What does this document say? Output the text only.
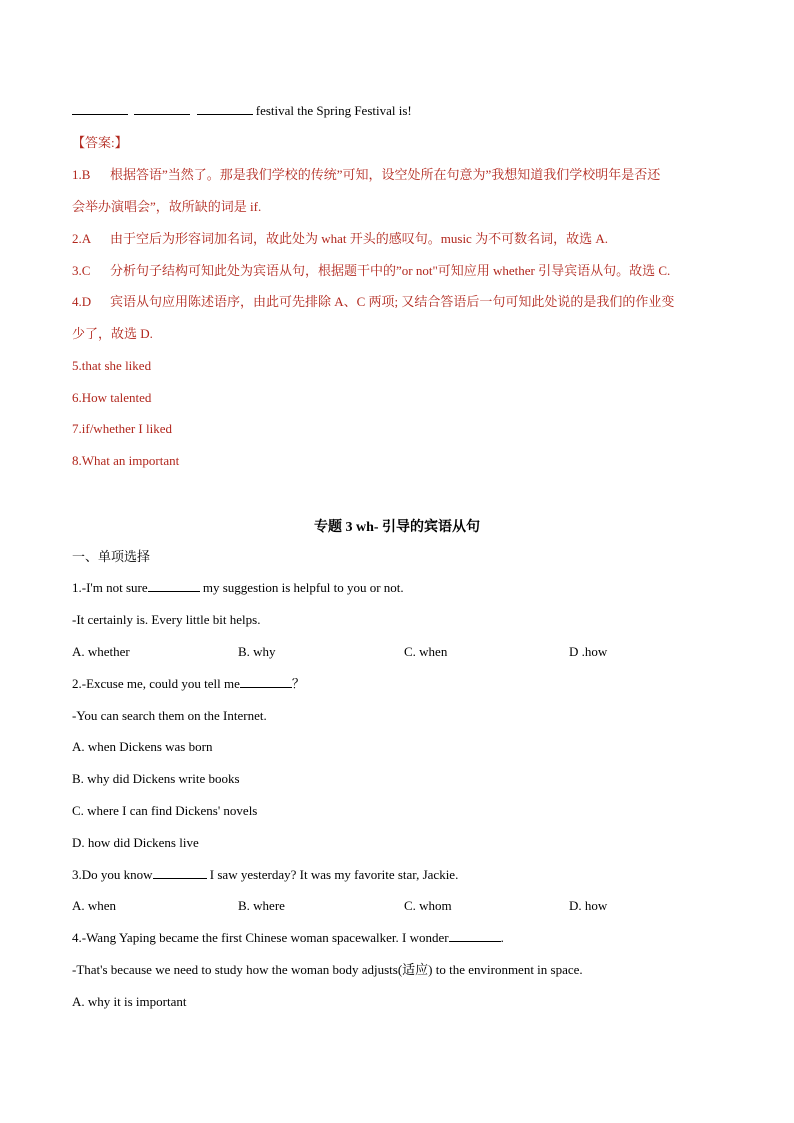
festival the Spring Festival is!
【答案:】
1.B 根据答语”当然了。那是我们学校的传统”可知，设空处所在句意为”我想知道我们学校明年是否还
会举办演唱会”，故所缺的词是 if.
2.A 由于空后为形容词加名词，故此处为 what 开头的感叹句。music 为不可数名词，故选 A.
3.C 分析句子结构可知此处为宾语从句，根据题干中的”or not"可知应用 whether 引导宾语从句。故选 C.
4.D 宾语从句应用陈述语序，由此可先排除 A、C 两项; 又结合答语后一句可知此处说的是我们的作业变
少了，故选 D.
5.that she liked
6.How talented
7.if/whether I liked
8.What an important
专题 3 wh- 引导的宾语从句
一、单项选择
1.-I'm not sure	my suggestion is helpful to you or not.
-It certainly is. Every little bit helps.
A. whether	B. why	C. when	D .how
2.-Excuse me, could you tell me	？
-You can search them on the Internet.
A. when Dickens was born
B. why did Dickens write books
C. where I can find Dickens' novels
D. how did Dickens live
3.Do you know	I saw yesterday? It was my favorite star, Jackie.
A. when	B. where	C. whom	D. how
4.-Wang Yaping became the first Chinese woman spacewalker. I wonder	.
-That's because we need to study how the woman body adjusts(适应) to the environment in space.
A. why it is important
